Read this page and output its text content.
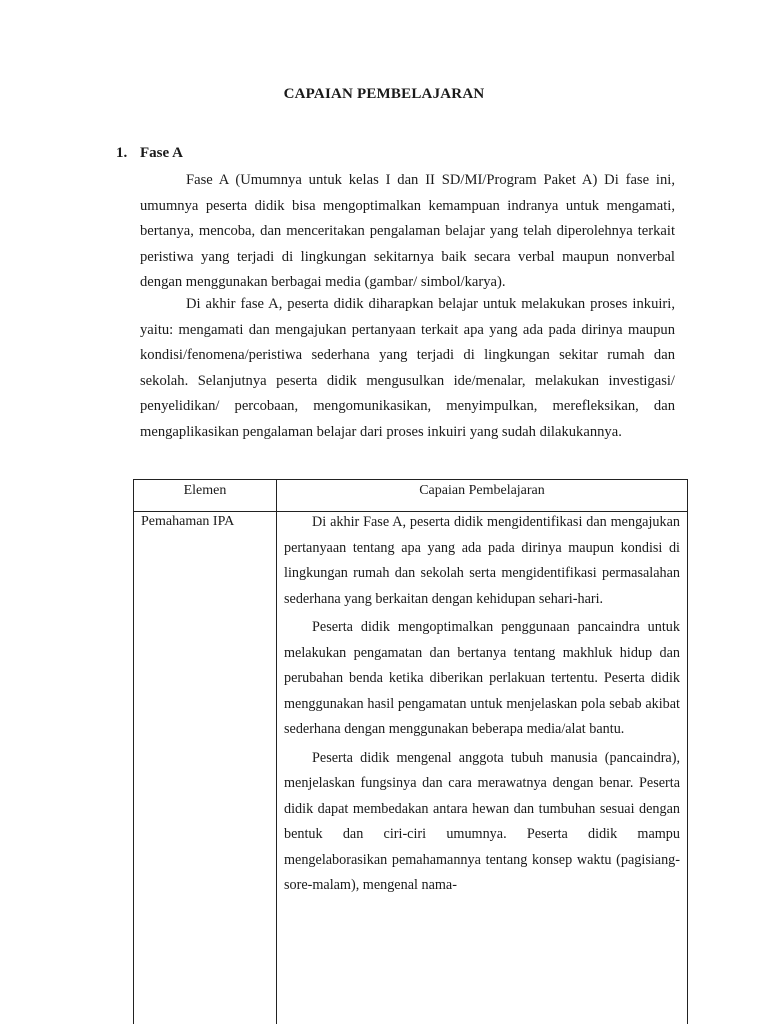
CAPAIAN PEMBELAJARAN
1. Fase A

Fase A (Umumnya untuk kelas I dan II SD/MI/Program Paket A) Di fase ini, umumnya peserta didik bisa mengoptimalkan kemampuan indranya untuk mengamati, bertanya, mencoba, dan menceritakan pengalaman belajar yang telah diperolehnya terkait peristiwa yang terjadi di lingkungan sekitarnya baik secara verbal maupun nonverbal dengan menggunakan berbagai media (gambar/ simbol/karya).

Di akhir fase A, peserta didik diharapkan belajar untuk melakukan proses inkuiri, yaitu: mengamati dan mengajukan pertanyaan terkait apa yang ada pada dirinya maupun kondisi/fenomena/peristiwa sederhana yang terjadi di lingkungan sekitar rumah dan sekolah. Selanjutnya peserta didik mengusulkan ide/menalar, melakukan investigasi/ penyelidikan/ percobaan, mengomunikasikan, menyimpulkan, merefleksikan, dan mengaplikasikan pengalaman belajar dari proses inkuiri yang sudah dilakukannya.

Elemen	Capaian Pembelajaran
Pemahaman IPA	Di akhir Fase A, peserta didik mengidentifikasi dan mengajukan pertanyaan tentang apa yang ada pada dirinya maupun kondisi di lingkungan rumah dan sekolah serta mengidentifikasi permasalahan sederhana yang berkaitan dengan kehidupan sehari-hari.

Peserta didik mengoptimalkan penggunaan pancaindra untuk melakukan pengamatan dan bertanya tentang makhluk hidup dan perubahan benda ketika diberikan perlakuan tertentu. Peserta didik menggunakan hasil pengamatan untuk menjelaskan pola sebab akibat sederhana dengan menggunakan beberapa media/alat bantu.

Peserta didik mengenal anggota tubuh manusia (pancaindra), menjelaskan fungsinya dan cara merawatnya dengan benar. Peserta didik dapat membedakan antara hewan dan tumbuhan sesuai dengan bentuk dan ciri-ciri umumnya. Peserta didik mampu mengelaborasikan pemahamannya tentang konsep waktu (pagisiang-sore-malam), mengenal nama-
